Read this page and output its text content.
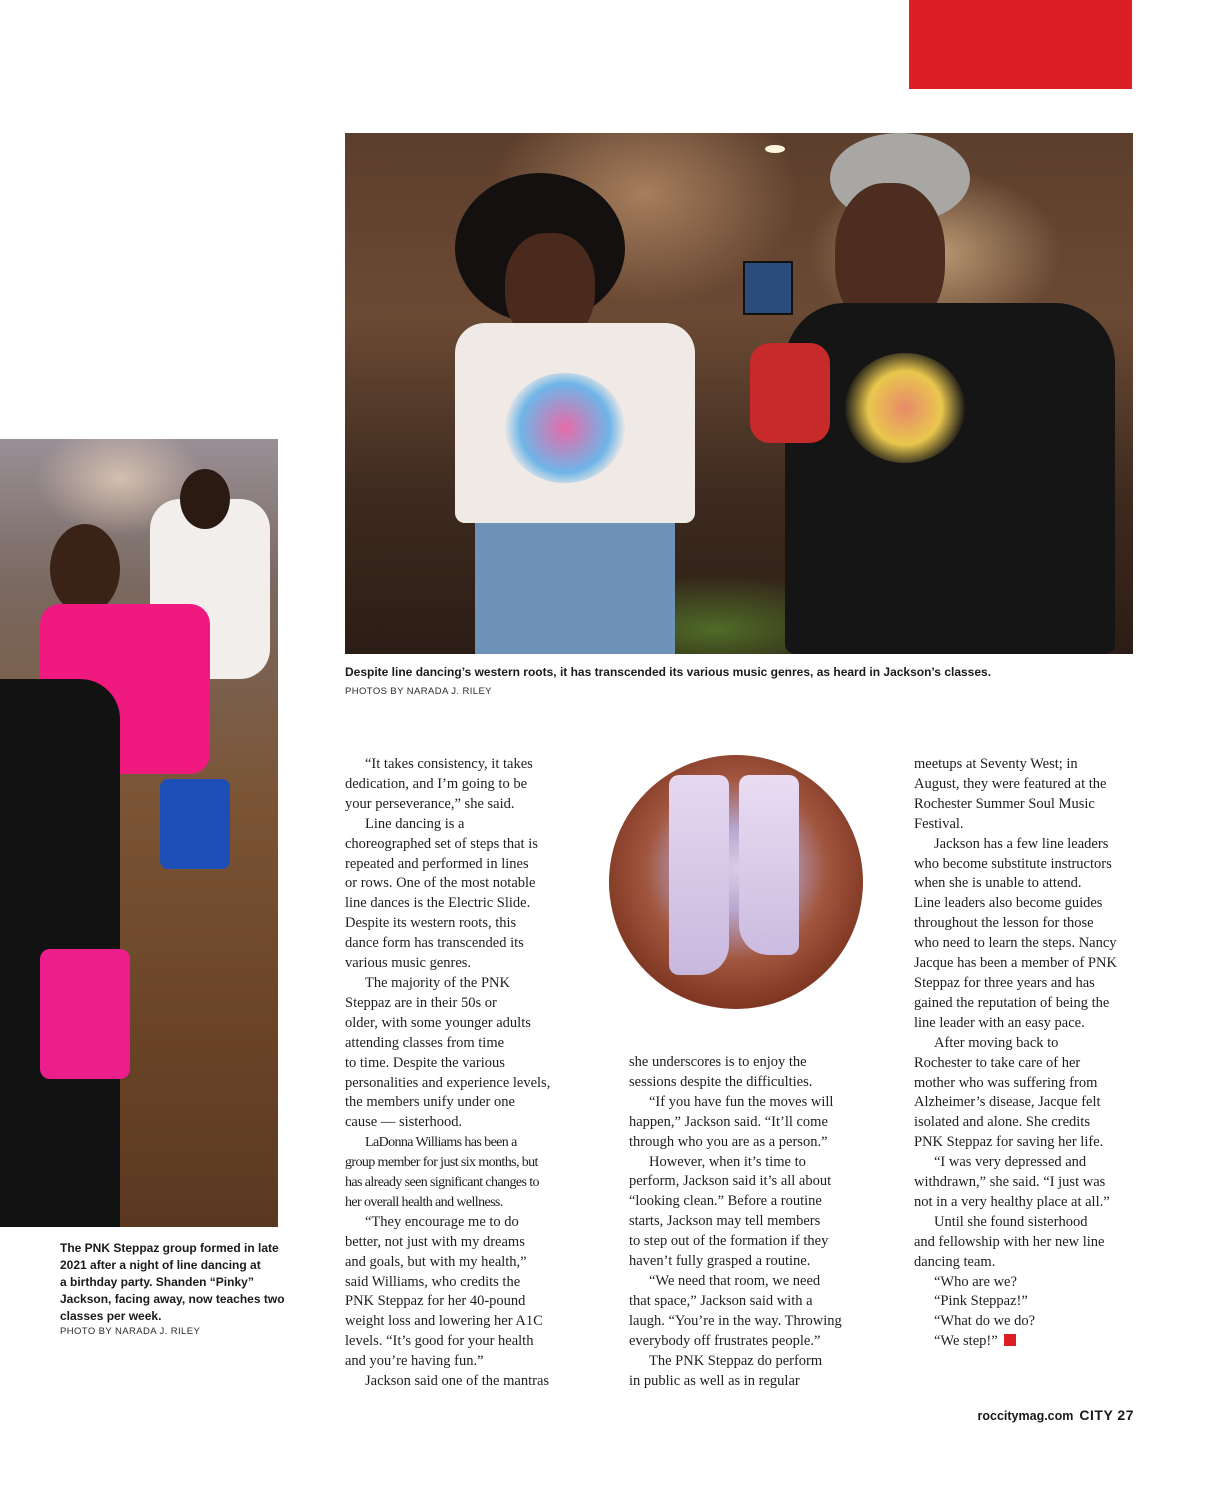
Despite line dancing’s western roots, it has transcended its various music genres, as heard in Jackson’s classes.
PHOTOS BY NARADA J. RILEY
The PNK Steppaz group formed in late
2021 after a night of line dancing at
a birthday party. Shanden “Pinky”
Jackson, facing away, now teaches two
classes per week.
PHOTO BY NARADA J. RILEY

“It takes consistency, it takes
dedication, and I’m going to be
your perseverance,” she said.

Line dancing is a
choreographed set of steps that is
repeated and performed in lines
or rows. One of the most notable
line dances is the Electric Slide.
Despite its western roots, this
dance form has transcended its
various music genres.

The majority of the PNK
Steppaz are in their 50s or
older, with some younger adults
attending classes from time
to time. Despite the various
personalities and experience levels,
the members unify under one
cause — sisterhood.

LaDonna Williams has been a
group member for just six months, but
has already seen significant changes to
her overall health and wellness.

“They encourage me to do
better, not just with my dreams
and goals, but with my health,”
said Williams, who credits the
PNK Steppaz for her 40-pound
weight loss and lowering her A1C
levels. “It’s good for your health
and you’re having fun.”

Jackson said one of the mantras

she underscores is to enjoy the
sessions despite the difficulties.

“If you have fun the moves will
happen,” Jackson said. “It’ll come
through who you are as a person.”

However, when it’s time to
perform, Jackson said it’s all about
“looking clean.” Before a routine
starts, Jackson may tell members
to step out of the formation if they
haven’t fully grasped a routine.

“We need that room, we need
that space,” Jackson said with a
laugh. “You’re in the way. Throwing
everybody off frustrates people.”

The PNK Steppaz do perform
in public as well as in regular

meetups at Seventy West; in
August, they were featured at the
Rochester Summer Soul Music
Festival.

Jackson has a few line leaders
who become substitute instructors
when she is unable to attend.
Line leaders also become guides
throughout the lesson for those
who need to learn the steps. Nancy
Jacque has been a member of PNK
Steppaz for three years and has
gained the reputation of being the
line leader with an easy pace.

After moving back to
Rochester to take care of her
mother who was suffering from
Alzheimer’s disease, Jacque felt
isolated and alone. She credits
PNK Steppaz for saving her life.

“I was very depressed and
withdrawn,” she said. “I just was
not in a very healthy place at all.”

Until she found sisterhood
and fellowship with her new line
dancing team.

“Who are we?

“Pink Steppaz!”

“What do we do?

“We step!”

roccitymag.com CITY 27
